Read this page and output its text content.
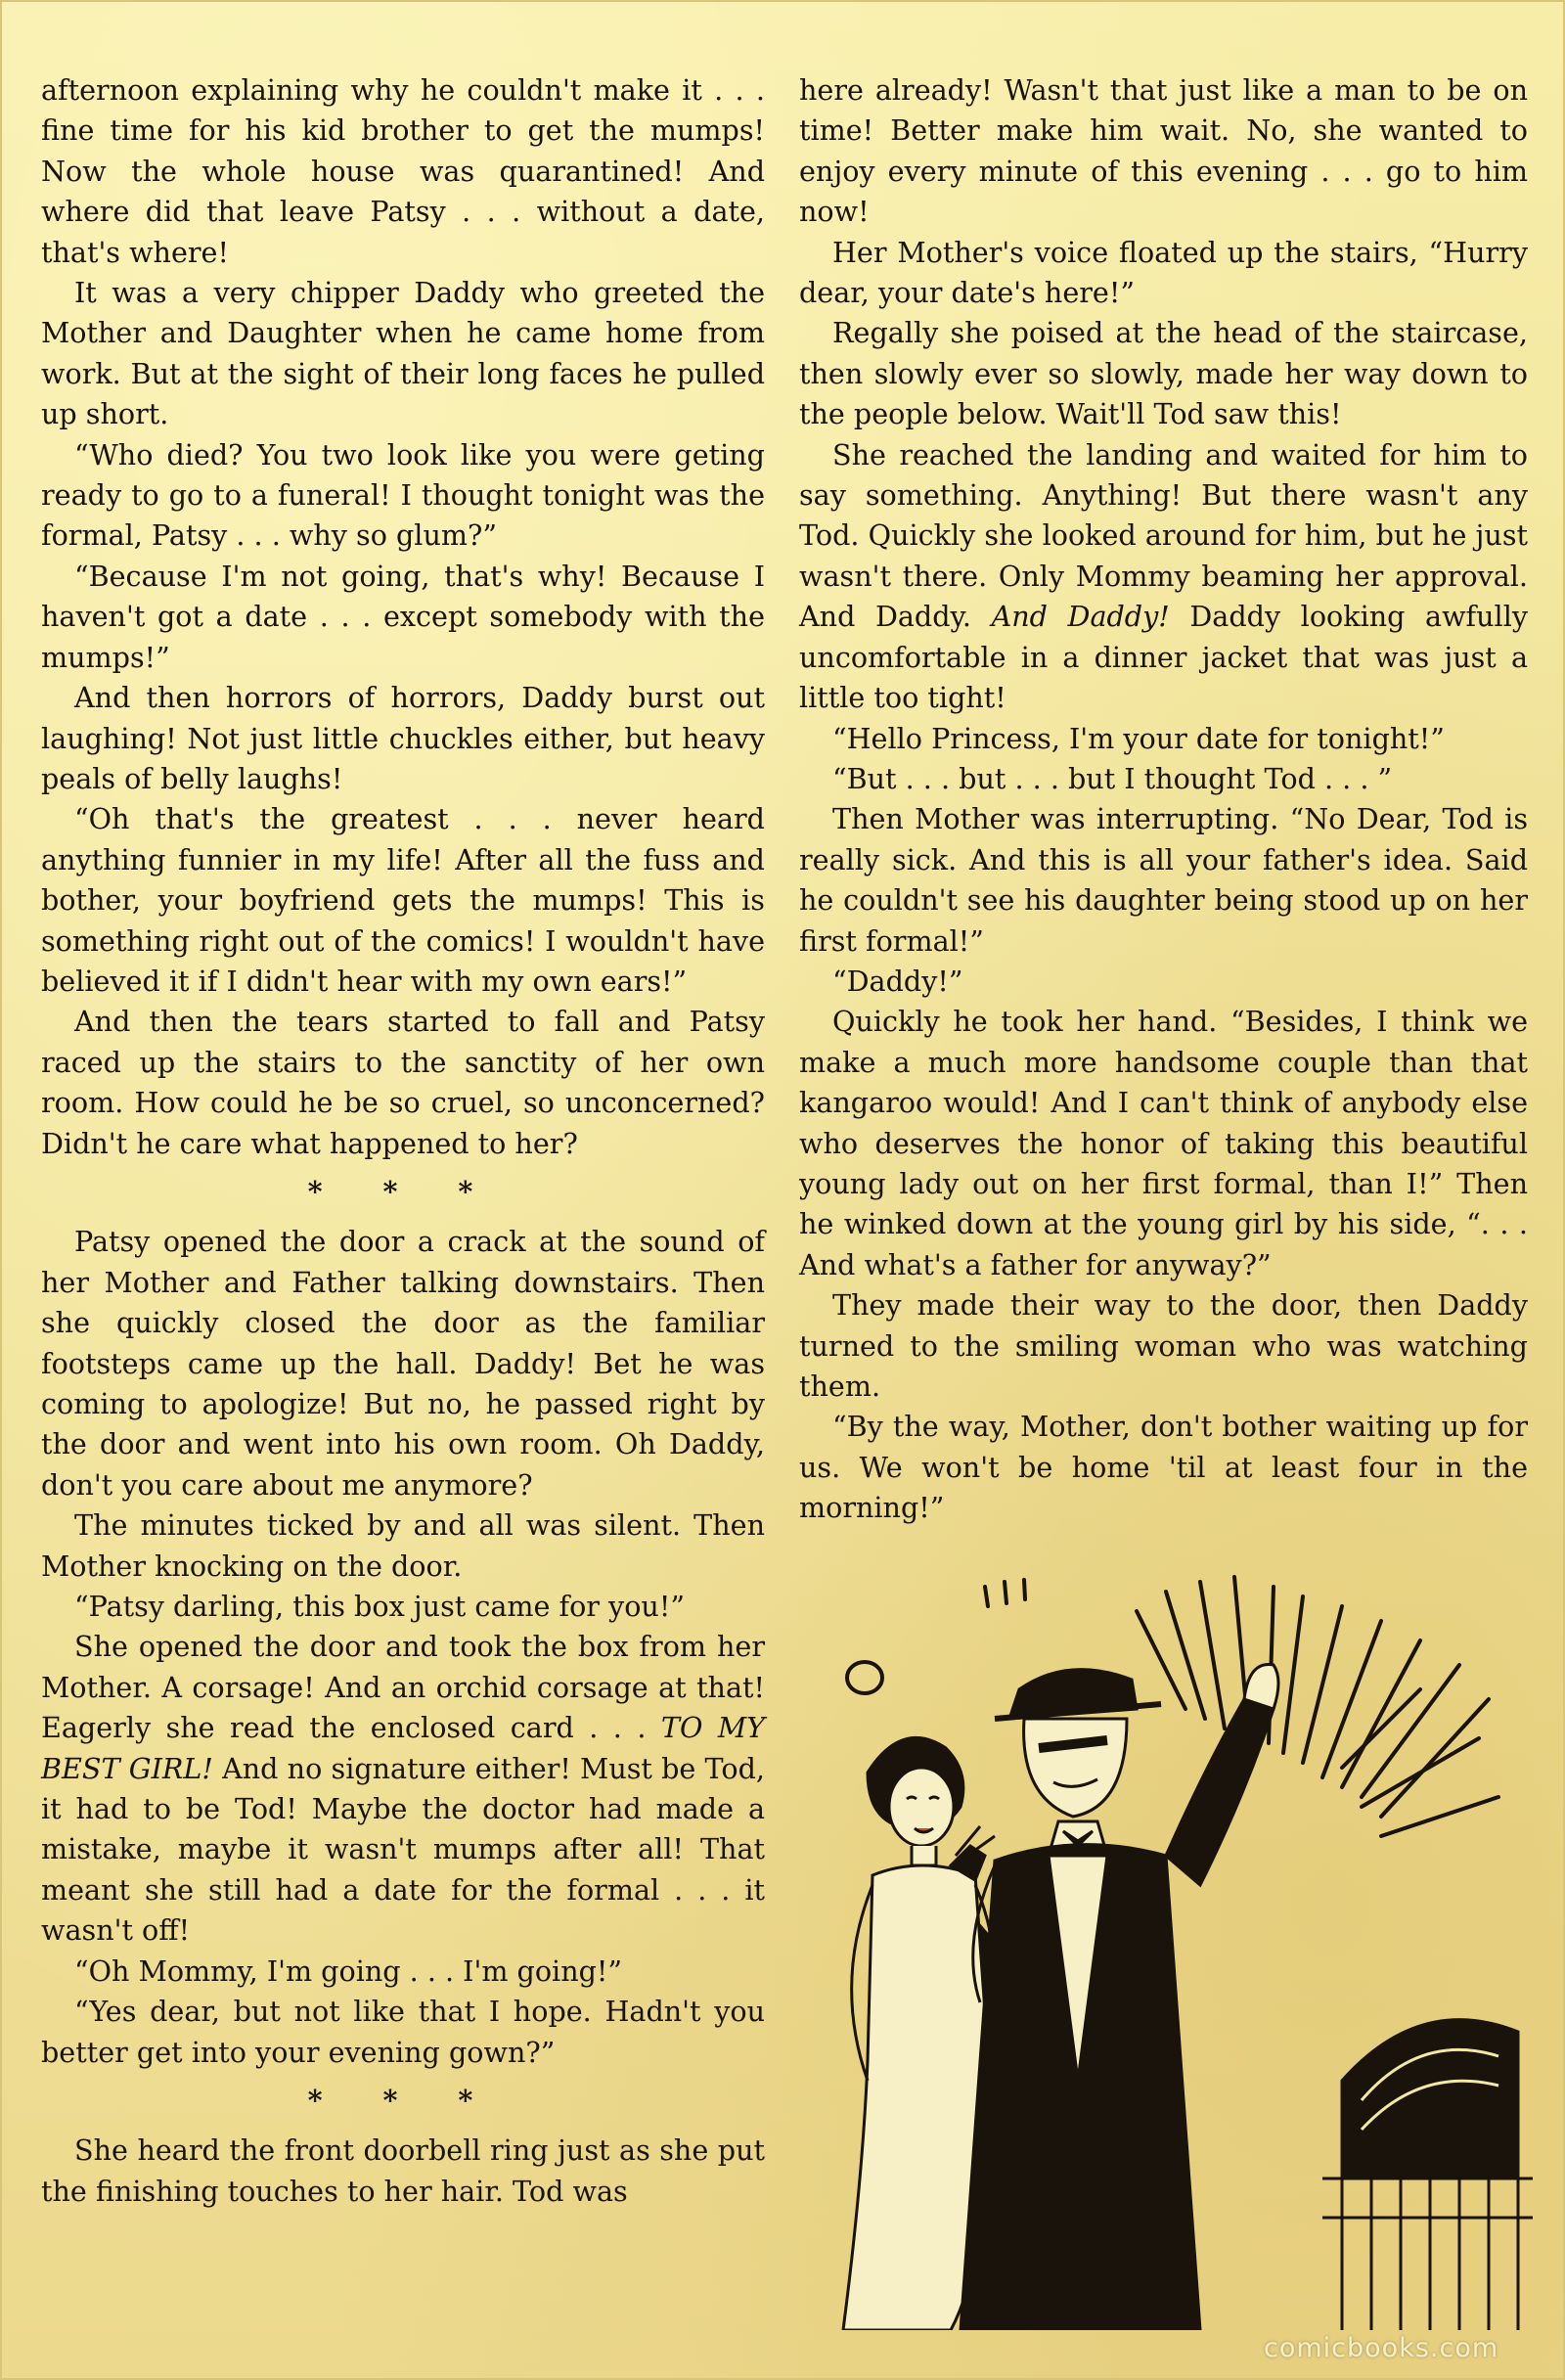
afternoon explaining why he couldn't make it . . . fine time for his kid brother to get the mumps! Now the whole house was quarantined! And where did that leave Patsy . . . without a date, that's where!

It was a very chipper Daddy who greeted the Mother and Daughter when he came home from work. But at the sight of their long faces he pulled up short.

“Who died? You two look like you were geting ready to go to a funeral! I thought tonight was the formal, Patsy . . . why so glum?”

“Because I'm not going, that's why! Because I haven't got a date . . . except somebody with the mumps!”

And then horrors of horrors, Daddy burst out laughing! Not just little chuckles either, but heavy peals of belly laughs!

“Oh that's the greatest . . . never heard anything funnier in my life! After all the fuss and bother, your boyfriend gets the mumps! This is something right out of the comics! I wouldn't have believed it if I didn't hear with my own ears!”

And then the tears started to fall and Patsy raced up the stairs to the sanctity of her own room. How could he be so cruel, so unconcerned? Didn't he care what happened to her?

* * *

Patsy opened the door a crack at the sound of her Mother and Father talking downstairs. Then she quickly closed the door as the familiar footsteps came up the hall. Daddy! Bet he was coming to apologize! But no, he passed right by the door and went into his own room. Oh Daddy, don't you care about me anymore?

The minutes ticked by and all was silent. Then Mother knocking on the door.

“Patsy darling, this box just came for you!”

She opened the door and took the box from her Mother. A corsage! And an orchid corsage at that! Eagerly she read the enclosed card . . . TO MY BEST GIRL! And no signature either! Must be Tod, it had to be Tod! Maybe the doctor had made a mistake, maybe it wasn't mumps after all! That meant she still had a date for the formal . . . it wasn't off!

“Oh Mommy, I'm going . . . I'm going!”

“Yes dear, but not like that I hope. Hadn't you better get into your evening gown?”

* * *

She heard the front doorbell ring just as she put the finishing touches to her hair. Tod was

here already! Wasn't that just like a man to be on time! Better make him wait. No, she wanted to enjoy every minute of this evening . . . go to him now!

Her Mother's voice floated up the stairs, “Hurry dear, your date's here!”

Regally she poised at the head of the staircase, then slowly ever so slowly, made her way down to the people below. Wait'll Tod saw this!

She reached the landing and waited for him to say something. Anything! But there wasn't any Tod. Quickly she looked around for him, but he just wasn't there. Only Mommy beaming her approval. And Daddy. And Daddy! Daddy looking awfully uncomfortable in a dinner jacket that was just a little too tight!

“Hello Princess, I'm your date for tonight!”

“But . . . but . . . but I thought Tod . . . ”

Then Mother was interrupting. “No Dear, Tod is really sick. And this is all your father's idea. Said he couldn't see his daughter being stood up on her first formal!”

“Daddy!”

Quickly he took her hand. “Besides, I think we make a much more handsome couple than that kangaroo would! And I can't think of anybody else who deserves the honor of taking this beautiful young lady out on her first formal, than I!” Then he winked down at the young girl by his side, “. . . And what's a father for anyway?”

They made their way to the door, then Daddy turned to the smiling woman who was watching them.

“By the way, Mother, don't bother waiting up for us. We won't be home 'til at least four in the morning!”

comicbooks.com
